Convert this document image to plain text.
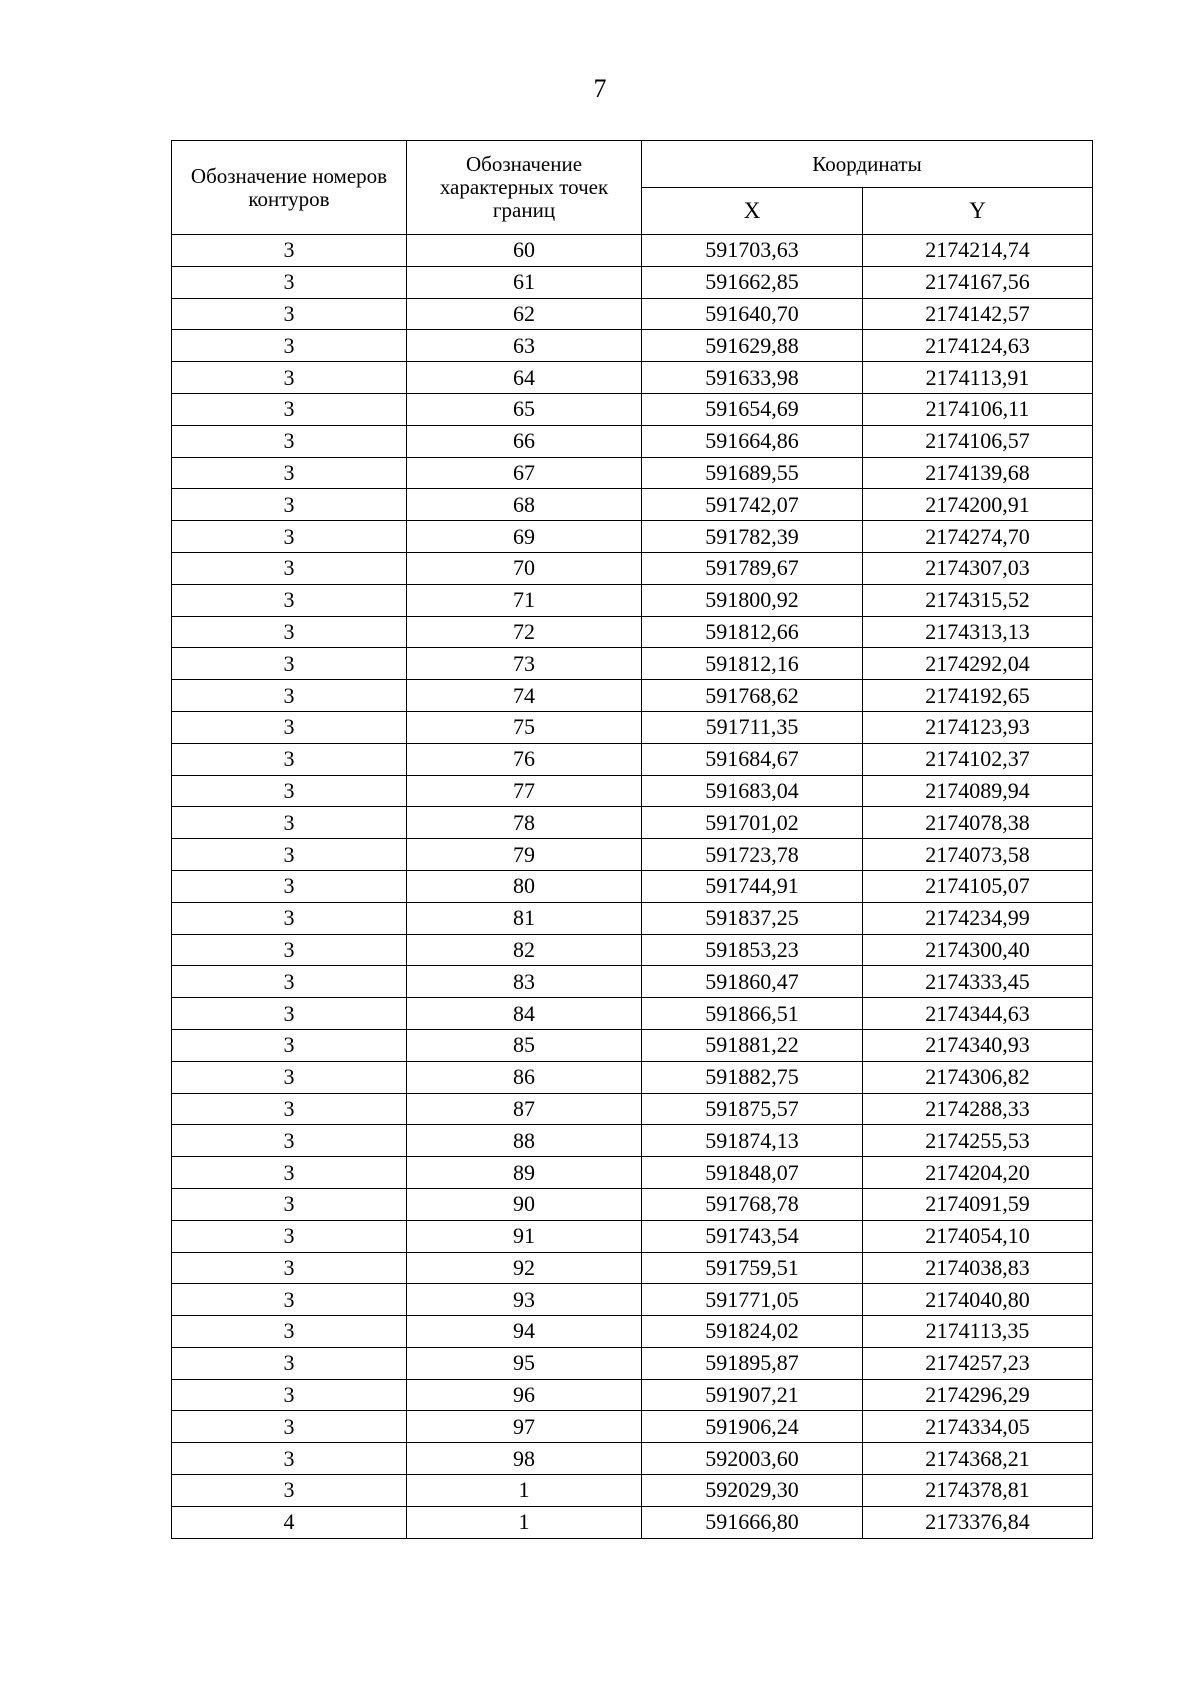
7
Обозначение номеров контуров	Обозначение характерных точек границ	Координаты	
		X	Y
3	60	591703,63	2174214,74
3	61	591662,85	2174167,56
3	62	591640,70	2174142,57
3	63	591629,88	2174124,63
3	64	591633,98	2174113,91
3	65	591654,69	2174106,11
3	66	591664,86	2174106,57
3	67	591689,55	2174139,68
3	68	591742,07	2174200,91
3	69	591782,39	2174274,70
3	70	591789,67	2174307,03
3	71	591800,92	2174315,52
3	72	591812,66	2174313,13
3	73	591812,16	2174292,04
3	74	591768,62	2174192,65
3	75	591711,35	2174123,93
3	76	591684,67	2174102,37
3	77	591683,04	2174089,94
3	78	591701,02	2174078,38
3	79	591723,78	2174073,58
3	80	591744,91	2174105,07
3	81	591837,25	2174234,99
3	82	591853,23	2174300,40
3	83	591860,47	2174333,45
3	84	591866,51	2174344,63
3	85	591881,22	2174340,93
3	86	591882,75	2174306,82
3	87	591875,57	2174288,33
3	88	591874,13	2174255,53
3	89	591848,07	2174204,20
3	90	591768,78	2174091,59
3	91	591743,54	2174054,10
3	92	591759,51	2174038,83
3	93	591771,05	2174040,80
3	94	591824,02	2174113,35
3	95	591895,87	2174257,23
3	96	591907,21	2174296,29
3	97	591906,24	2174334,05
3	98	592003,60	2174368,21
3	1	592029,30	2174378,81
4	1	591666,80	2173376,84
